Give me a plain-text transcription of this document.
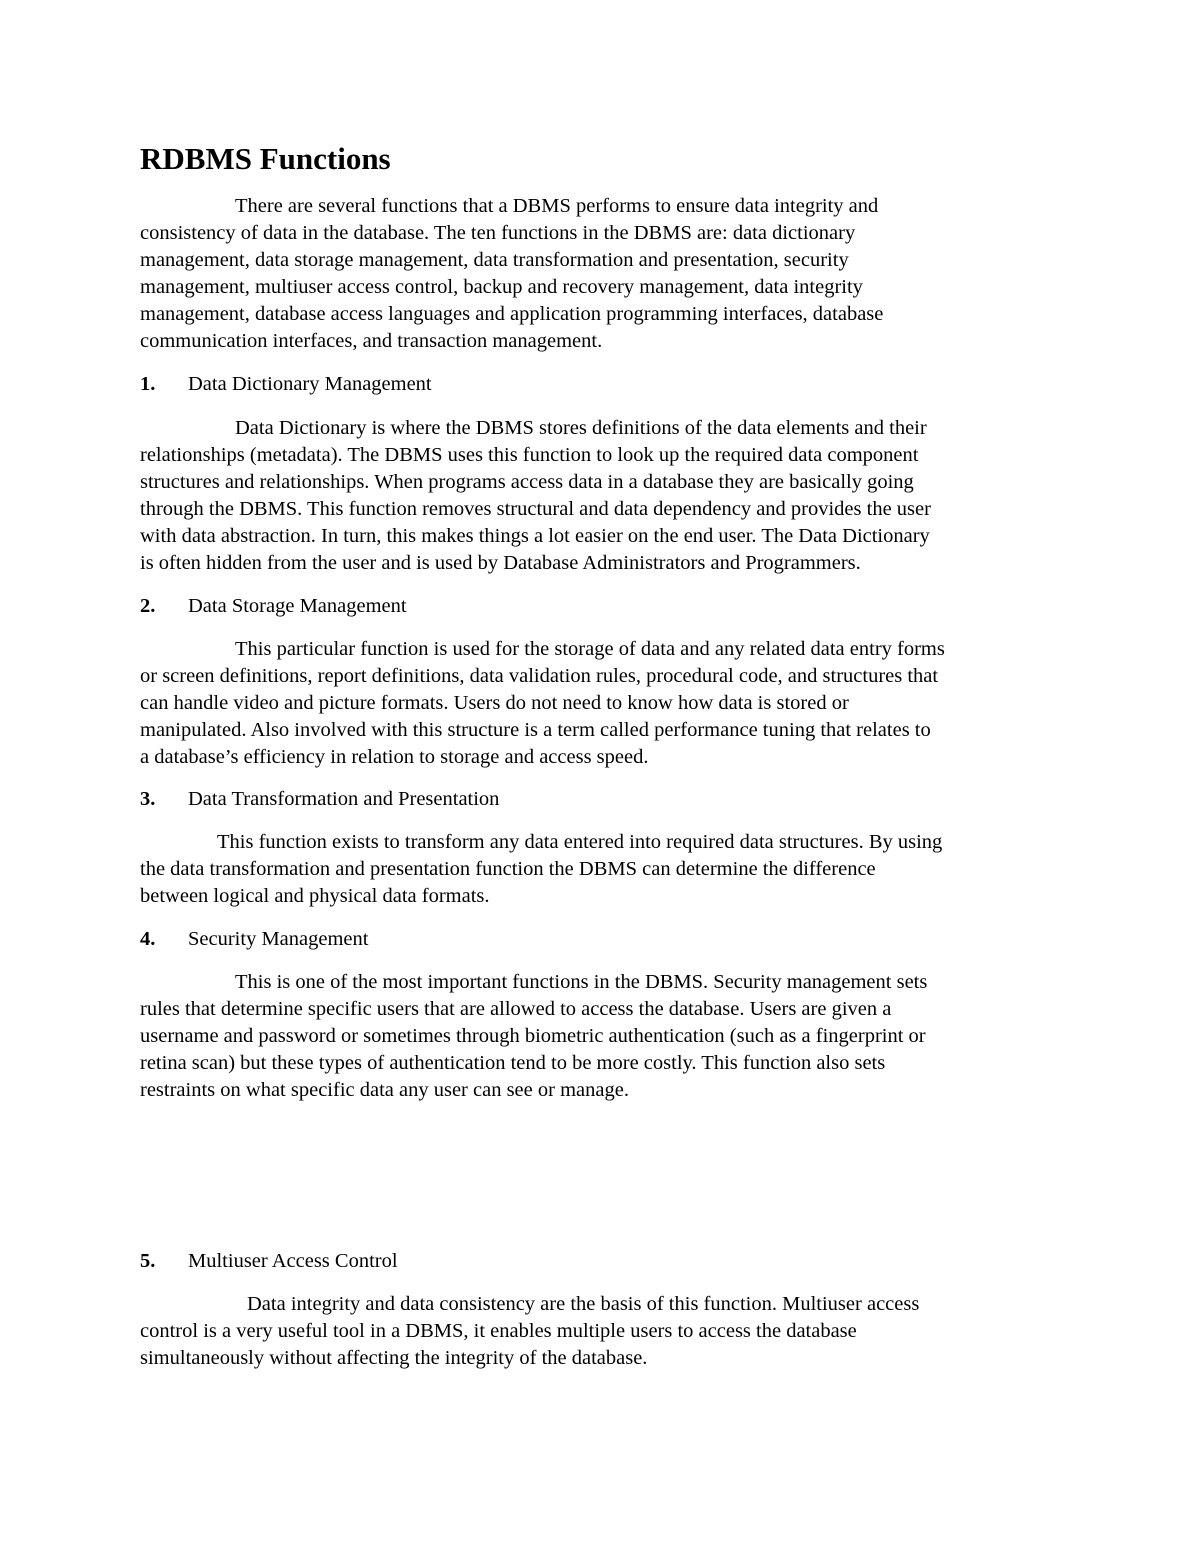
RDBMS Functions
There are several functions that a DBMS performs to ensure data integrity and
consistency of data in the database. The ten functions in the DBMS are: data dictionary
management, data storage management, data transformation and presentation, security
management, multiuser access control, backup and recovery management, data integrity
management, database access languages and application programming interfaces, database
communication interfaces, and transaction management.
1. Data Dictionary Management
Data Dictionary is where the DBMS stores definitions of the data elements and their
relationships (metadata). The DBMS uses this function to look up the required data component
structures and relationships. When programs access data in a database they are basically going
through the DBMS. This function removes structural and data dependency and provides the user
with data abstraction. In turn, this makes things a lot easier on the end user. The Data Dictionary
is often hidden from the user and is used by Database Administrators and Programmers.
2. Data Storage Management
This particular function is used for the storage of data and any related data entry forms
or screen definitions, report definitions, data validation rules, procedural code, and structures that
can handle video and picture formats. Users do not need to know how data is stored or
manipulated. Also involved with this structure is a term called performance tuning that relates to
a database’s efficiency in relation to storage and access speed.
3. Data Transformation and Presentation
This function exists to transform any data entered into required data structures. By using
the data transformation and presentation function the DBMS can determine the difference
between logical and physical data formats.
4. Security Management
This is one of the most important functions in the DBMS. Security management sets
rules that determine specific users that are allowed to access the database. Users are given a
username and password or sometimes through biometric authentication (such as a fingerprint or
retina scan) but these types of authentication tend to be more costly. This function also sets
restraints on what specific data any user can see or manage.
5. Multiuser Access Control
Data integrity and data consistency are the basis of this function. Multiuser access
control is a very useful tool in a DBMS, it enables multiple users to access the database
simultaneously without affecting the integrity of the database.
